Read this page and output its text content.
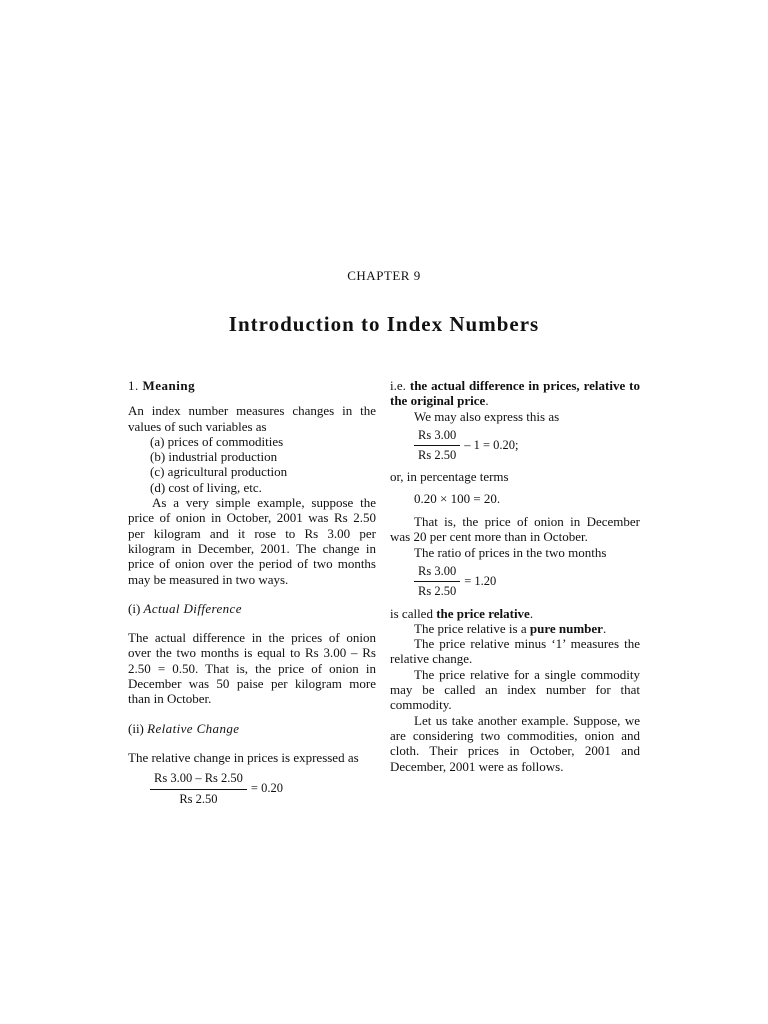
CHAPTER 9
Introduction to Index Numbers

1. Meaning

An index number measures changes in the values of such variables as

(a) prices of commodities
(b) industrial production
(c) agricultural production
(d) cost of living, etc.

As a very simple example, suppose the price of onion in October, 2001 was Rs 2.50 per kilogram and it rose to Rs 3.00 per kilogram in December, 2001. The change in price of onion over the period of two months may be measured in two ways.

(i) Actual Difference

The actual difference in the prices of onion over the two months is equal to Rs 3.00 – Rs 2.50 = 0.50. That is, the price of onion in December was 50 paise per kilogram more than in October.

(ii) Relative Change

The relative change in prices is expressed as

$\frac{Rs 3.00 - Rs 2.50}{Rs 2.50} = 0.20$

i.e. the actual difference in prices, relative to the original price.

We may also express this as

$\frac{Rs 3.00}{Rs 2.50} - 1 = 0.20$;

or, in percentage terms

0.20 × 100 = 20.

That is, the price of onion in December was 20 per cent more than in October.

The ratio of prices in the two months

$\frac{Rs 3.00}{Rs 2.50} = 1.20$

is called the price relative.

The price relative is a pure number.

The price relative minus ‘1’ measures the relative change.

The price relative for a single commodity may be called an index number for that commodity.

Let us take another example. Suppose, we are considering two commodities, onion and cloth. Their prices in October, 2001 and December, 2001 were as follows.
